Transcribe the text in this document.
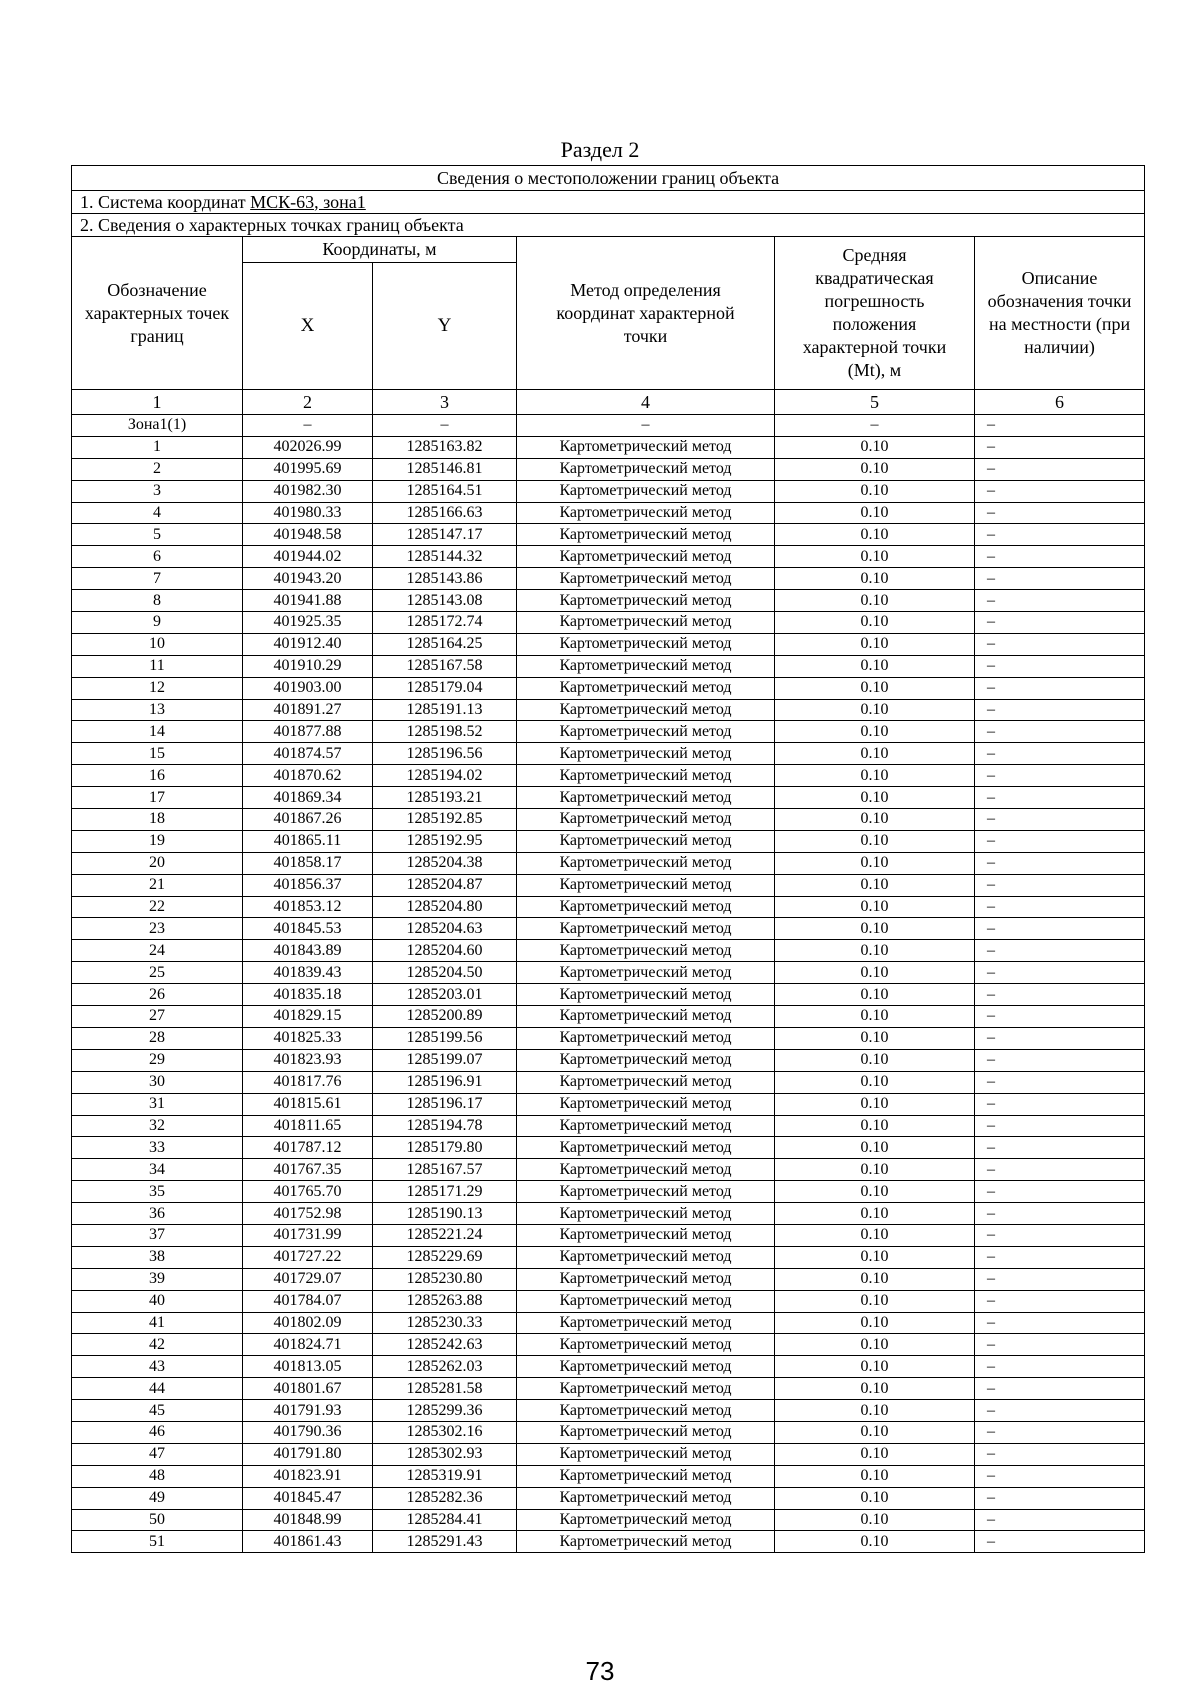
Раздел 2
Сведения о местоположении границ объекта					
1. Система координат МСК-63, зона1					
2. Сведения о характерных точках границ объекта					
Обозначение характерных точек границ	Координаты, м		Метод определения координат характерной точки	Средняя квадратическая погрешность положения характерной точки (Mt), м	Описание обозначения точки на местности (при наличии)
	X	Y			
1	2	3	4	5	6
Зона1(1)	–	–	–	–	–
1	402026.99	1285163.82	Картометрический метод	0.10	–
2	401995.69	1285146.81	Картометрический метод	0.10	–
3	401982.30	1285164.51	Картометрический метод	0.10	–
4	401980.33	1285166.63	Картометрический метод	0.10	–
5	401948.58	1285147.17	Картометрический метод	0.10	–
6	401944.02	1285144.32	Картометрический метод	0.10	–
7	401943.20	1285143.86	Картометрический метод	0.10	–
8	401941.88	1285143.08	Картометрический метод	0.10	–
9	401925.35	1285172.74	Картометрический метод	0.10	–
10	401912.40	1285164.25	Картометрический метод	0.10	–
11	401910.29	1285167.58	Картометрический метод	0.10	–
12	401903.00	1285179.04	Картометрический метод	0.10	–
13	401891.27	1285191.13	Картометрический метод	0.10	–
14	401877.88	1285198.52	Картометрический метод	0.10	–
15	401874.57	1285196.56	Картометрический метод	0.10	–
16	401870.62	1285194.02	Картометрический метод	0.10	–
17	401869.34	1285193.21	Картометрический метод	0.10	–
18	401867.26	1285192.85	Картометрический метод	0.10	–
19	401865.11	1285192.95	Картометрический метод	0.10	–
20	401858.17	1285204.38	Картометрический метод	0.10	–
21	401856.37	1285204.87	Картометрический метод	0.10	–
22	401853.12	1285204.80	Картометрический метод	0.10	–
23	401845.53	1285204.63	Картометрический метод	0.10	–
24	401843.89	1285204.60	Картометрический метод	0.10	–
25	401839.43	1285204.50	Картометрический метод	0.10	–
26	401835.18	1285203.01	Картометрический метод	0.10	–
27	401829.15	1285200.89	Картометрический метод	0.10	–
28	401825.33	1285199.56	Картометрический метод	0.10	–
29	401823.93	1285199.07	Картометрический метод	0.10	–
30	401817.76	1285196.91	Картометрический метод	0.10	–
31	401815.61	1285196.17	Картометрический метод	0.10	–
32	401811.65	1285194.78	Картометрический метод	0.10	–
33	401787.12	1285179.80	Картометрический метод	0.10	–
34	401767.35	1285167.57	Картометрический метод	0.10	–
35	401765.70	1285171.29	Картометрический метод	0.10	–
36	401752.98	1285190.13	Картометрический метод	0.10	–
37	401731.99	1285221.24	Картометрический метод	0.10	–
38	401727.22	1285229.69	Картометрический метод	0.10	–
39	401729.07	1285230.80	Картометрический метод	0.10	–
40	401784.07	1285263.88	Картометрический метод	0.10	–
41	401802.09	1285230.33	Картометрический метод	0.10	–
42	401824.71	1285242.63	Картометрический метод	0.10	–
43	401813.05	1285262.03	Картометрический метод	0.10	–
44	401801.67	1285281.58	Картометрический метод	0.10	–
45	401791.93	1285299.36	Картометрический метод	0.10	–
46	401790.36	1285302.16	Картометрический метод	0.10	–
47	401791.80	1285302.93	Картометрический метод	0.10	–
48	401823.91	1285319.91	Картометрический метод	0.10	–
49	401845.47	1285282.36	Картометрический метод	0.10	–
50	401848.99	1285284.41	Картометрический метод	0.10	–
51	401861.43	1285291.43	Картометрический метод	0.10	–
73
